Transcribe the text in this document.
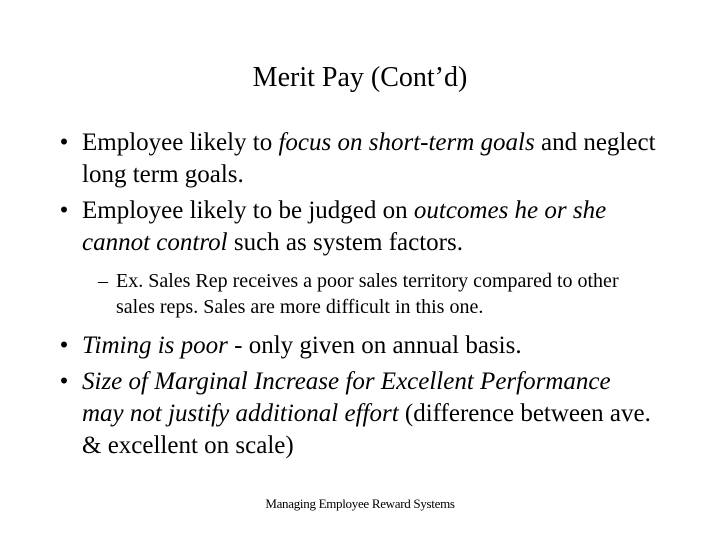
Merit Pay (Cont’d)
• Employee likely to focus on short-term goals and neglect long term goals.
• Employee likely to be judged on outcomes he or she cannot control such as system factors.
– Ex. Sales Rep receives a poor sales territory compared to other sales reps. Sales are more difficult in this one.
• Timing is poor - only given on annual basis.
• Size of Marginal Increase for Excellent Performance may not justify additional effort (difference between ave. & excellent on scale)
Managing Employee Reward Systems
